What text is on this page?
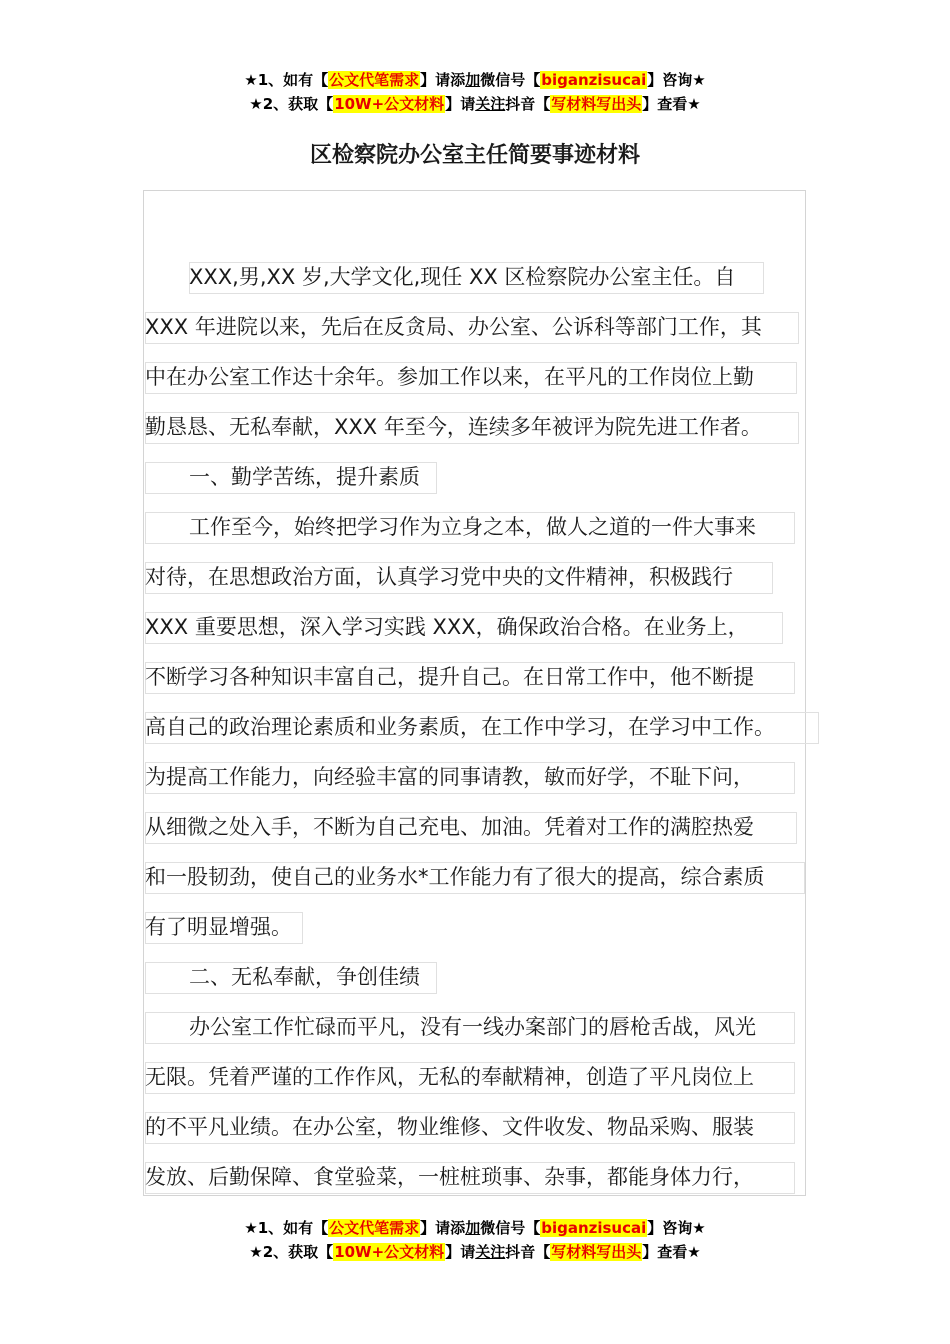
★1、如有【公文代笔需求】请添加微信号【biganzisucai】咨询★
★2、获取【10W+公文材料】请关注抖音【写材料写出头】查看★
区检察院办公室主任简要事迹材料
XXX,男,XX 岁,大学文化,现任 XX 区检察院办公室主任。自
XXX 年进院以来，先后在反贪局、办公室、公诉科等部门工作，其
中在办公室工作达十余年。参加工作以来，在平凡的工作岗位上勤
勤恳恳、无私奉献，XXX 年至今，连续多年被评为院先进工作者。
一、勤学苦练，提升素质
工作至今，始终把学习作为立身之本，做人之道的一件大事来
对待，在思想政治方面，认真学习党中央的文件精神，积极践行
XXX 重要思想，深入学习实践 XXX，确保政治合格。在业务上，
不断学习各种知识丰富自己，提升自己。在日常工作中，他不断提
高自己的政治理论素质和业务素质，在工作中学习，在学习中工作。
为提高工作能力，向经验丰富的同事请教，敏而好学，不耻下问，
从细微之处入手，不断为自己充电、加油。凭着对工作的满腔热爱
和一股韧劲，使自己的业务水*工作能力有了很大的提高，综合素质
有了明显增强。
二、无私奉献，争创佳绩
办公室工作忙碌而平凡，没有一线办案部门的唇枪舌战，风光
无限。凭着严谨的工作作风，无私的奉献精神，创造了平凡岗位上
的不平凡业绩。在办公室，物业维修、文件收发、物品采购、服装
发放、后勤保障、食堂验菜，一桩桩琐事、杂事，都能身体力行，
★1、如有【公文代笔需求】请添加微信号【biganzisucai】咨询★
★2、获取【10W+公文材料】请关注抖音【写材料写出头】查看★
